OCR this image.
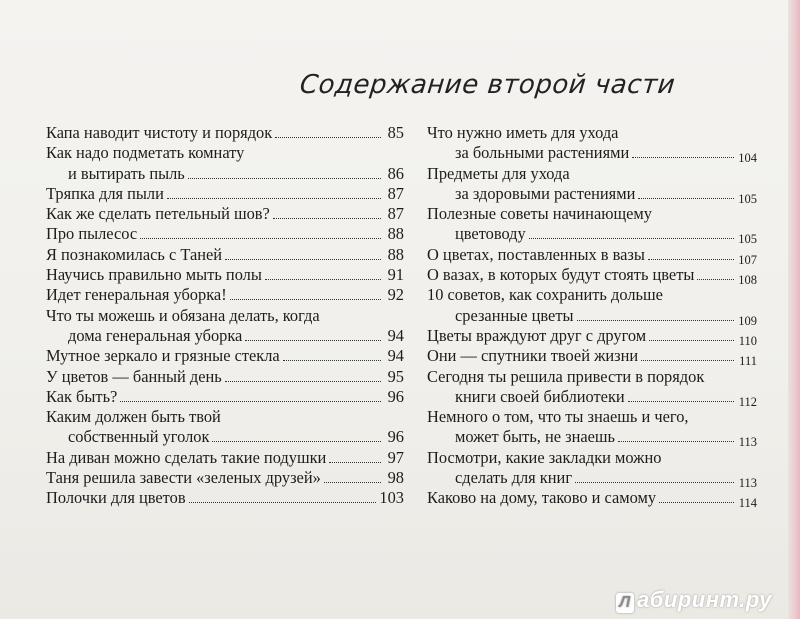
Содержание второй части
Капа наводит чистоту и порядок	85
Как надо подметать комнату
и вытирать пыль	86
Тряпка для пыли	87
Как же сделать петельный шов?	87
Про пылесос	88
Я познакомилась с Таней	88
Научись правильно мыть полы	91
Идет генеральная уборка!	92
Что ты можешь и обязана делать, когда
дома генеральная уборка	94
Мутное зеркало и грязные стекла	94
У цветов — банный день	95
Как быть?	96
Каким должен быть твой
собственный уголок	96
На диван можно сделать такие подушки	97
Таня решила завести «зеленых друзей»	98
Полочки для цветов	103
Что нужно иметь для ухода
за больными растениями	104
Предметы для ухода
за здоровыми растениями	105
Полезные советы начинающему
цветоводу	105
О цветах, поставленных в вазы	107
О вазах, в которых будут стоять цветы	108
10 советов, как сохранить дольше
срезанные цветы	109
Цветы враждуют друг с другом	110
Они — спутники твоей жизни	111
Сегодня ты решила привести в порядок
книги своей библиотеки	112
Немного о том, что ты знаешь и чего,
может быть, не знаешь	113
Посмотри, какие закладки можно
сделать для книг	113
Каково на дому, таково и самому	114
Л абиринт.ру
